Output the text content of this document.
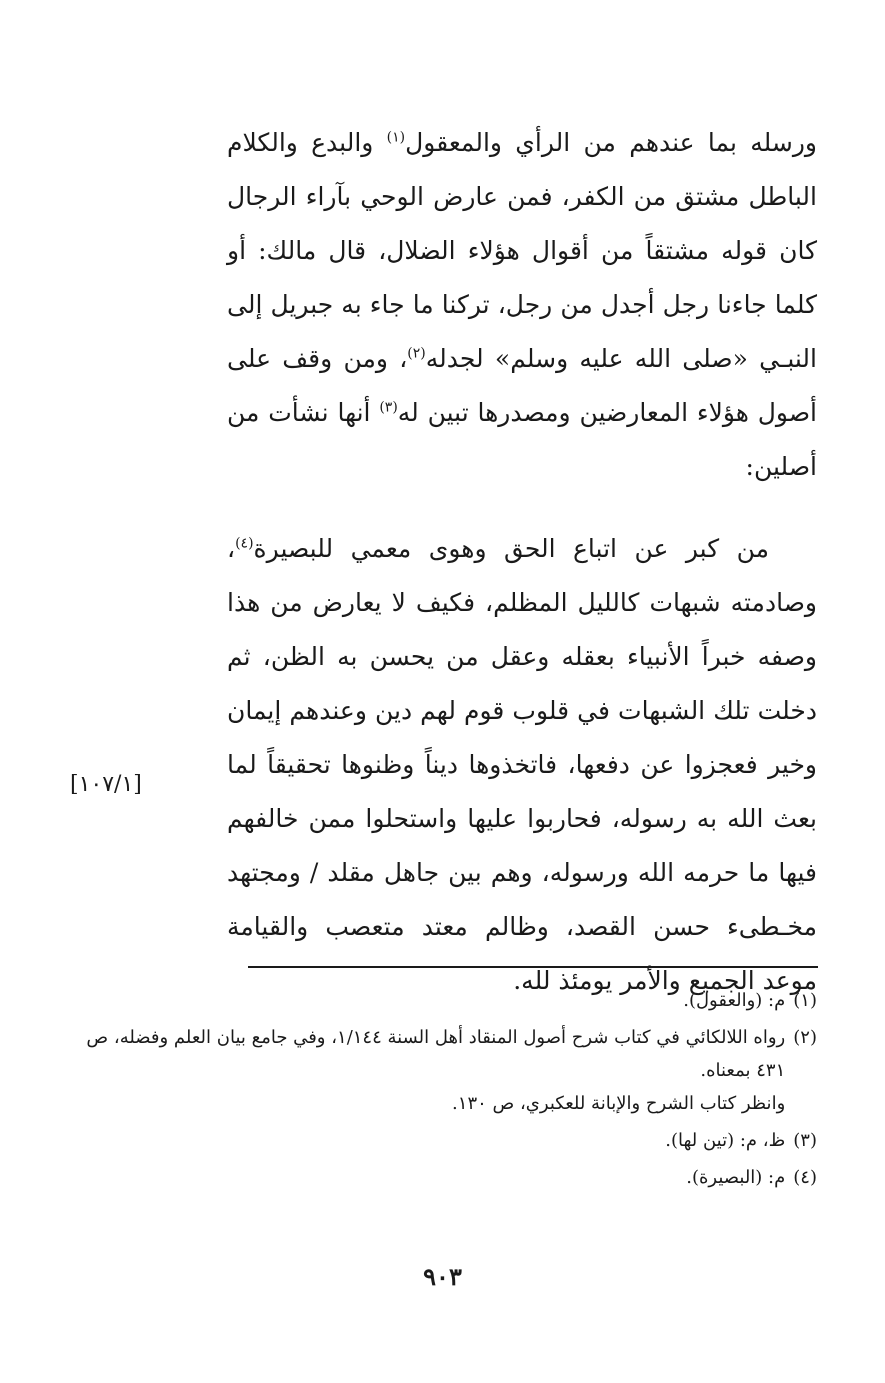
ورسله بما عندهم من الرأي والمعقول$^{(١)}$ والبدع والكلام الباطل مشتق من الكفر، فمن عارض الوحي بآراء الرجال كان قوله مشتقاً من أقوال هؤلاء الضلال، قال مالك: أو كلما جاءنا رجل أجدل من رجل، تركنا ما جاء به جبريل إلى النبـي «صلى الله عليه وسلم» لجدله$^{(٢)}$، ومن وقف على أصول هؤلاء المعارضين ومصدرها تبين له$^{(٣)}$ أنها نشأت من أصلين:

من كبر عن اتباع الحق وهوى معمي للبصيرة$^{(٤)}$، وصادمته شبهات كالليل المظلم، فكيف لا يعارض من هذا وصفه خبراً الأنبياء بعقله وعقل من يحسن به الظن، ثم دخلت تلك الشبهات في قلوب قوم لهم دين وعندهم إيمان وخير فعجزوا عن دفعها، فاتخذوها ديناً وظنوها تحقيقاً لما بعث الله به رسوله، فحاربوا عليها واستحلوا ممن خالفهم فيها ما حرمه الله ورسوله، وهم بين جاهل مقلد / ومجتهد مخـطىء حسن القصد، وظالم معتد متعصب والقيامة موعد الجميع والأمر يومئذ لله.

[١٠٧/١]
(١)
م: (والعقول).
(٢)
رواه اللالكائي في كتاب شرح أصول المنقاد أهل السنة ١/١٤٤، وفي جامع بيان العلم وفضله، ص ٤٣١ بمعناه.
وانظر كتاب الشرح والإبانة للعكبري، ص ١٣٠.
(٣)
ظ، م: (تين لها).
(٤)
م: (البصيرة).
٩٠٣
